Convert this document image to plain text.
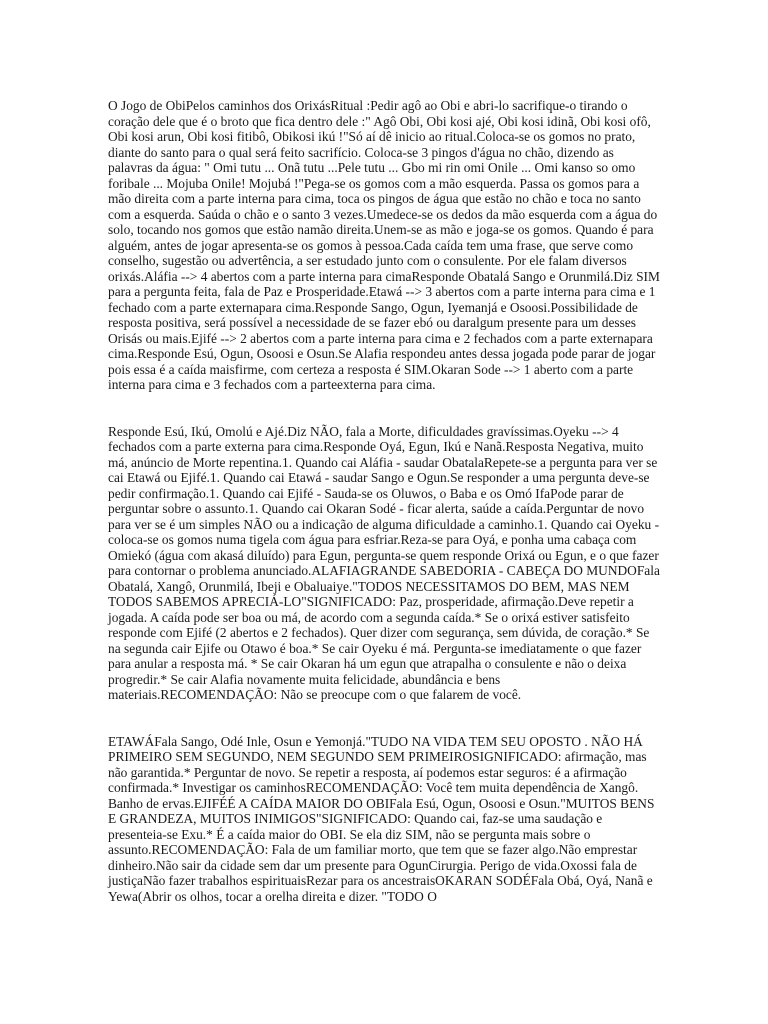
O Jogo de ObiPelos caminhos dos OrixásRitual :Pedir agô ao Obi e abri-lo sacrifique-o tirando o coração dele que é o broto que fica dentro dele :" Agô Obi, Obi kosi ajé, Obi kosi idinã, Obi kosi ofô, Obi kosi arun, Obi kosi fitibô, Obikosi ikú !"Só aí dê inicio ao ritual.Coloca-se os gomos no prato, diante do santo para o qual será feito sacrifício. Coloca-se 3 pingos d'água no chão, dizendo as palavras da água: " Omi tutu ... Onã tutu ...Pele tutu ... Gbo mi rin omi Onile ... Omi kanso so omo foribale ... Mojuba Onile! Mojubá !"Pega-se os gomos com a mão esquerda. Passa os gomos para a mão direita com a parte interna para cima, toca os pingos de água que estão no chão e toca no santo com a esquerda. Saúda o chão e o santo 3 vezes.Umedece-se os dedos da mão esquerda com a água do solo, tocando nos gomos que estão namão direita.Unem-se as mão e joga-se os gomos. Quando é para alguém, antes de jogar apresenta-se os gomos à pessoa.Cada caída tem uma frase, que serve como conselho, sugestão ou advertência, a ser estudado junto com o consulente. Por ele falam diversos orixás.Aláfia --> 4 abertos com a parte interna para cimaResponde Obatalá Sango e Orunmilá.Diz SIM para a pergunta feita, fala de Paz e Prosperidade.Etawá --> 3 abertos com a parte interna para cima e 1 fechado com a parte externapara cima.Responde Sango, Ogun, Iyemanjá e Osoosi.Possibilidade de resposta positiva, será possível a necessidade de se fazer ebó ou daralgum presente para um desses Orisás ou mais.Ejifé --> 2 abertos com a parte interna para cima e 2 fechados com a parte externapara cima.Responde Esú, Ogun, Osoosi e Osun.Se Alafia respondeu antes dessa jogada pode parar de jogar pois essa é a caída maisfirme, com certeza a resposta é SIM.Okaran Sode --> 1 aberto com a parte interna para cima e 3 fechados com a parteexterna para cima.

Responde Esú, Ikú, Omolú e Ajé.Diz NÃO, fala a Morte, dificuldades gravíssimas.Oyeku --> 4 fechados com a parte externa para cima.Responde Oyá, Egun, Ikú e Nanã.Resposta Negativa, muito má, anúncio de Morte repentina.1. Quando cai Aláfia - saudar ObatalaRepete-se a pergunta para ver se cai Etawá ou Ejifé.1. Quando cai Etawá - saudar Sango e Ogun.Se responder a uma pergunta deve-se pedir confirmação.1. Quando cai Ejifé - Sauda-se os Oluwos, o Baba e os Omó IfaPode parar de perguntar sobre o assunto.1. Quando cai Okaran Sodé - ficar alerta, saúde a caída.Perguntar de novo para ver se é um simples NÃO ou a indicação de alguma dificuldade a caminho.1. Quando cai Oyeku - coloca-se os gomos numa tigela com água para esfriar.Reza-se para Oyá, e ponha uma cabaça com Omiekó (água com akasá diluído) para Egun, pergunta-se quem responde Orixá ou Egun, e o que fazer para contornar o problema anunciado.ALAFIAGRANDE SABEDORIA - CABEÇA DO MUNDOFala Obatalá, Xangô, Orunmilá, Ibeji e Obaluaiye."TODOS NECESSITAMOS DO BEM, MAS NEM TODOS SABEMOS APRECIÁ-LO"SIGNIFICADO: Paz, prosperidade, afirmação.Deve repetir a jogada. A caída pode ser boa ou má, de acordo com a segunda caída.* Se o orixá estiver satisfeito responde com Ejifé (2 abertos e 2 fechados). Quer dizer com segurança, sem dúvida, de coração.* Se na segunda cair Ejife ou Otawo é boa.* Se cair Oyeku é má. Pergunta-se imediatamente o que fazer para anular a resposta má. * Se cair Okaran há um egun que atrapalha o consulente e não o deixa progredir.* Se cair Alafia novamente muita felicidade, abundância e bens materiais.RECOMENDAÇÃO: Não se preocupe com o que falarem de você.

ETAWÁFala Sango, Odé Inle, Osun e Yemonjá."TUDO NA VIDA TEM SEU OPOSTO . NÃO HÁ PRIMEIRO SEM SEGUNDO, NEM SEGUNDO SEM PRIMEIROSIGNIFICADO: afirmação, mas não garantida.* Perguntar de novo. Se repetir a resposta, aí podemos estar seguros: é a afirmação confirmada.* Investigar os caminhosRECOMENDAÇÃO: Você tem muita dependência de Xangô. Banho de ervas.EJIFÉÉ A CAÍDA MAIOR DO OBIFala Esú, Ogun, Osoosi e Osun."MUITOS BENS E GRANDEZA, MUITOS INIMIGOS"SIGNIFICADO: Quando cai, faz-se uma saudação e presenteia-se Exu.* É a caída maior do OBI. Se ela diz SIM, não se pergunta mais sobre o assunto.RECOMENDAÇÃO: Fala de um familiar morto, que tem que se fazer algo.Não emprestar dinheiro.Não sair da cidade sem dar um presente para OgunCirurgia. Perigo de vida.Oxossi fala de justiçaNão fazer trabalhos espirituaisRezar para os ancestraisOKARAN SODÉFala Obá, Oyá, Nanã e Yewa(Abrir os olhos, tocar a orelha direita e dizer. "TODO O
